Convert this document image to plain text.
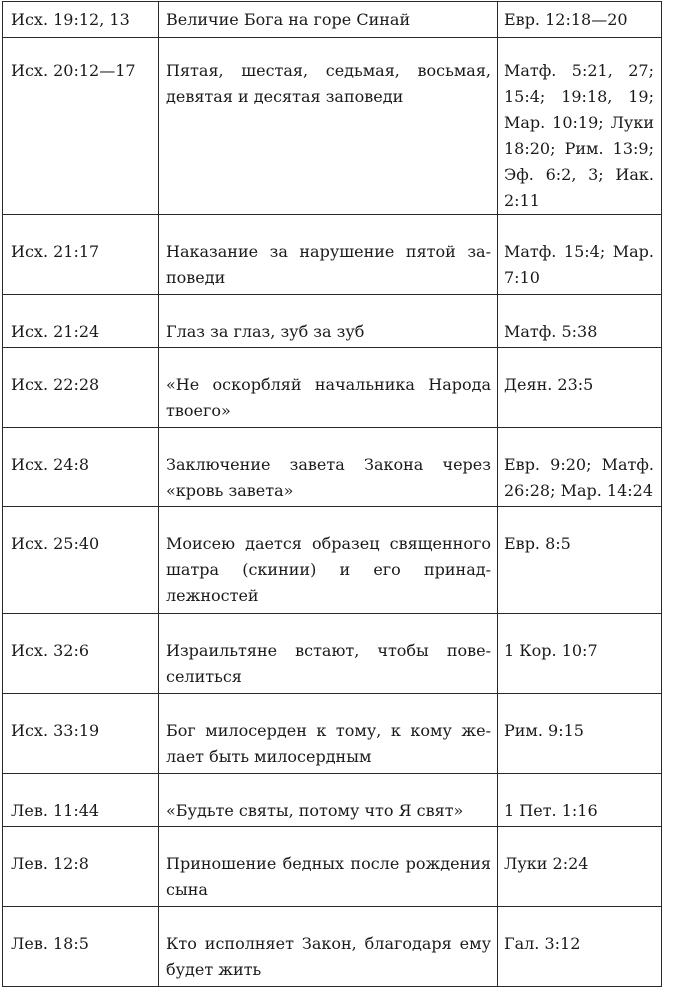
Исх. 19:12, 13	Величие Бога на горе Синай	Евр. 12:18—20
Исх. 20:12—17	Пятая, шестая, седьмая, восьмая, девятая и десятая заповеди	Матф. 5:21, 27; 15:4; 19:18, 19; Мар. 10:19; Луки 18:20; Рим. 13:9; Эф. 6:2, 3; Иак. 2:11
Исх. 21:17	Наказание за нарушение пятой заповеди	Матф. 15:4; Мар. 7:10
Исх. 21:24	Глаз за глаз, зуб за зуб	Матф. 5:38
Исх. 22:28	«Не оскорбляй начальника Народа твоего»	Деян. 23:5
Исх. 24:8	Заключение завета Закона через «кровь завета»	Евр. 9:20; Матф. 26:28; Мар. 14:24
Исх. 25:40	Моисею дается образец священного шатра (скинии) и его принадлежностей	Евр. 8:5
Исх. 32:6	Израильтяне встают, чтобы повеселиться	1 Кор. 10:7
Исх. 33:19	Бог милосерден к тому, к кому желает быть милосердным	Рим. 9:15
Лев. 11:44	«Будьте святы, потому что Я свят»	1 Пет. 1:16
Лев. 12:8	Приношение бедных после рождения сына	Луки 2:24
Лев. 18:5	Кто исполняет Закон, благодаря ему будет жить	Гал. 3:12
